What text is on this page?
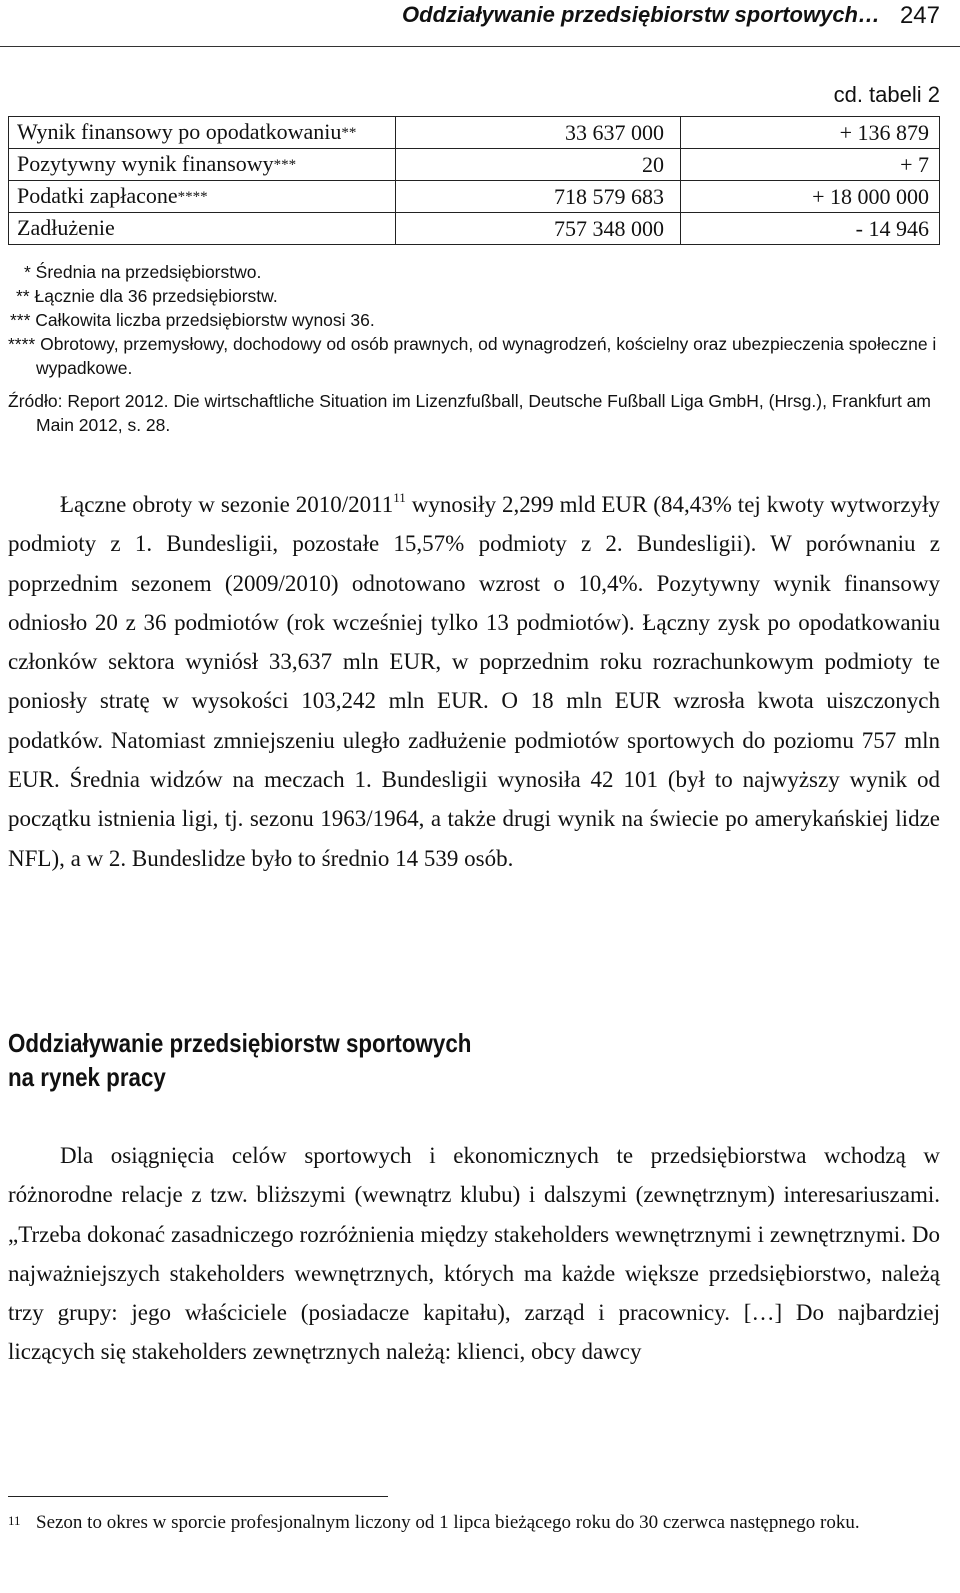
Oddziaływanie przedsiębiorstw sportowych… 247
cd. tabeli 2
Wynik finansowy po opodatkowaniu**	33 637 000	+ 136 879
Pozytywny wynik finansowy***	20	+ 7
Podatki zapłacone****	718 579 683	+ 18 000 000
Zadłużenie	757 348 000	- 14 946

* Średnia na przedsiębiorstwo.

** Łącznie dla 36 przedsiębiorstw.

*** Całkowita liczba przedsiębiorstw wynosi 36.

**** Obrotowy, przemysłowy, dochodowy od osób prawnych, od wynagrodzeń, kościelny oraz ubezpieczenia społeczne i wypadkowe.

Źródło: Report 2012. Die wirtschaftliche Situation im Lizenzfußball, Deutsche Fußball Liga GmbH, (Hrsg.), Frankfurt am Main 2012, s. 28.

Łączne obroty w sezonie 2010/2011$^{11}$ wynosiły 2,299 mld EUR (84,43% tej kwoty wytworzyły podmioty z 1. Bundesligii, pozostałe 15,57% podmioty z 2. Bundesligii). W porównaniu z poprzednim sezonem (2009/2010) odnotowano wzrost o 10,4%. Pozytywny wynik finansowy odniosło 20 z 36 podmiotów (rok wcześniej tylko 13 podmiotów). Łączny zysk po opodatkowaniu członków sektora wyniósł 33,637 mln EUR, w poprzednim roku rozrachunkowym podmioty te poniosły stratę w wysokości 103,242 mln EUR. O 18 mln EUR wzrosła kwota uiszczonych podatków. Natomiast zmniejszeniu uległo zadłużenie podmiotów sportowych do poziomu 757 mln EUR. Średnia widzów na meczach 1. Bundesligii wynosiła 42 101 (był to najwyższy wynik od początku istnienia ligi, tj. sezonu 1963/1964, a także drugi wynik na świecie po amerykańskiej lidze NFL), a w 2. Bundeslidze było to średnio 14 539 osób.

Oddziaływanie przedsiębiorstw sportowych
na rynek pracy

Dla osiągnięcia celów sportowych i ekonomicznych te przedsiębiorstwa wchodzą w różnorodne relacje z tzw. bliższymi (wewnątrz klubu) i dalszymi (zewnętrznym) interesariuszami. „Trzeba dokonać zasadniczego rozróżnienia między stakeholders wewnętrznymi i zewnętrznymi. Do najważniejszych stakeholders wewnętrznych, których ma każde większe przedsiębiorstwo, należą trzy grupy: jego właściciele (posiadacze kapitału), zarząd i pracownicy. […] Do najbardziej liczących się stakeholders zewnętrznych należą: klienci, obcy dawcy

11 Sezon to okres w sporcie profesjonalnym liczony od 1 lipca bieżącego roku do 30 czerwca następnego roku.
